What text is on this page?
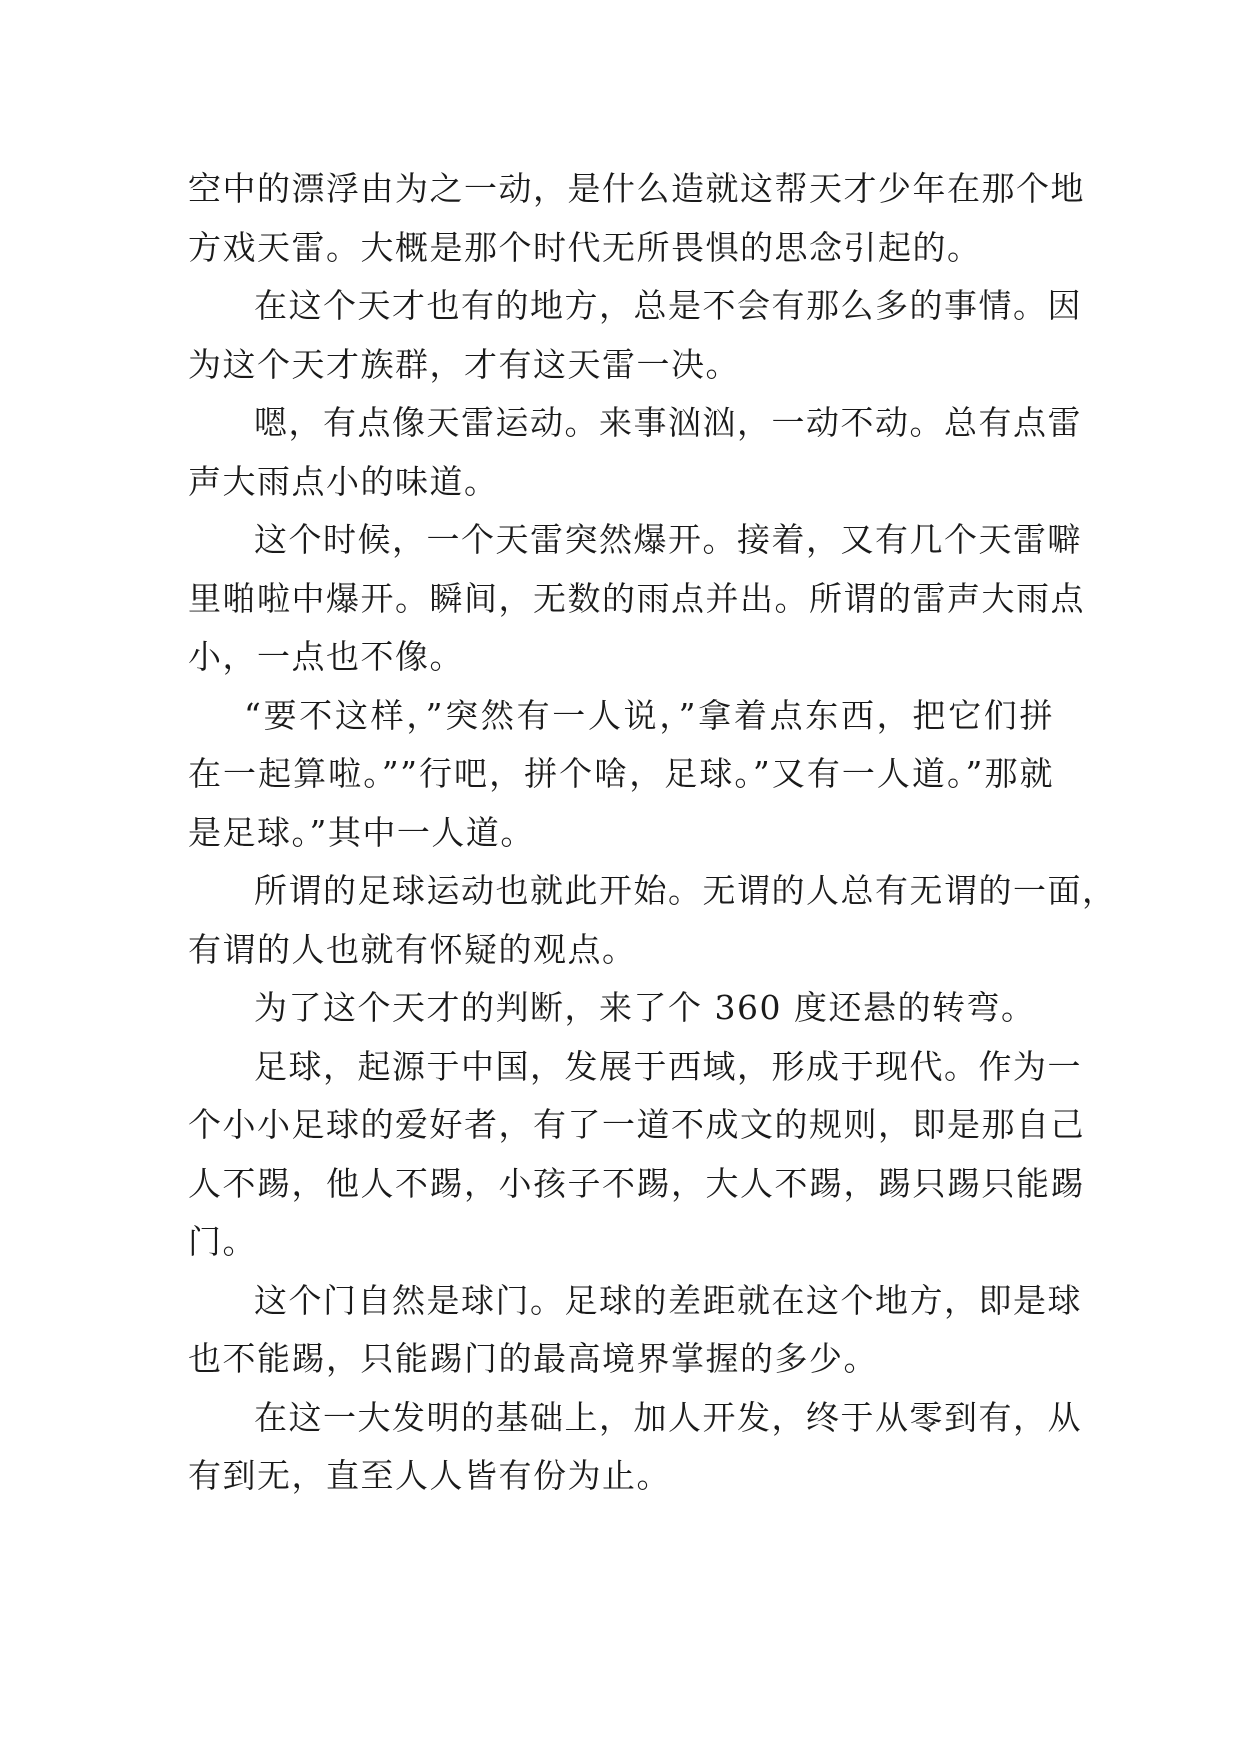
空中的漂浮由为之一动，是什么造就这帮天才少年在那个地
方戏天雷。大概是那个时代无所畏惧的思念引起的。
在这个天才也有的地方，总是不会有那么多的事情。因
为这个天才族群，才有这天雷一决。
嗯，有点像天雷运动。来事汹汹，一动不动。总有点雷
声大雨点小的味道。
这个时候，一个天雷突然爆开。接着，又有几个天雷噼
里啪啦中爆开。瞬间，无数的雨点并出。所谓的雷声大雨点
小，一点也不像。
“要不这样，”突然有一人说，”拿着点东西，把它们拼
在一起算啦。””行吧，拼个啥，足球。”又有一人道。”那就
是足球。”其中一人道。
所谓的足球运动也就此开始。无谓的人总有无谓的一面，
有谓的人也就有怀疑的观点。
为了这个天才的判断，来了个 360 度还悬的转弯。
足球，起源于中国，发展于西域，形成于现代。作为一
个小小足球的爱好者，有了一道不成文的规则，即是那自己
人不踢，他人不踢，小孩子不踢，大人不踢，踢只踢只能踢
门。
这个门自然是球门。足球的差距就在这个地方，即是球
也不能踢，只能踢门的最高境界掌握的多少。
在这一大发明的基础上，加人开发，终于从零到有，从
有到无，直至人人皆有份为止。
